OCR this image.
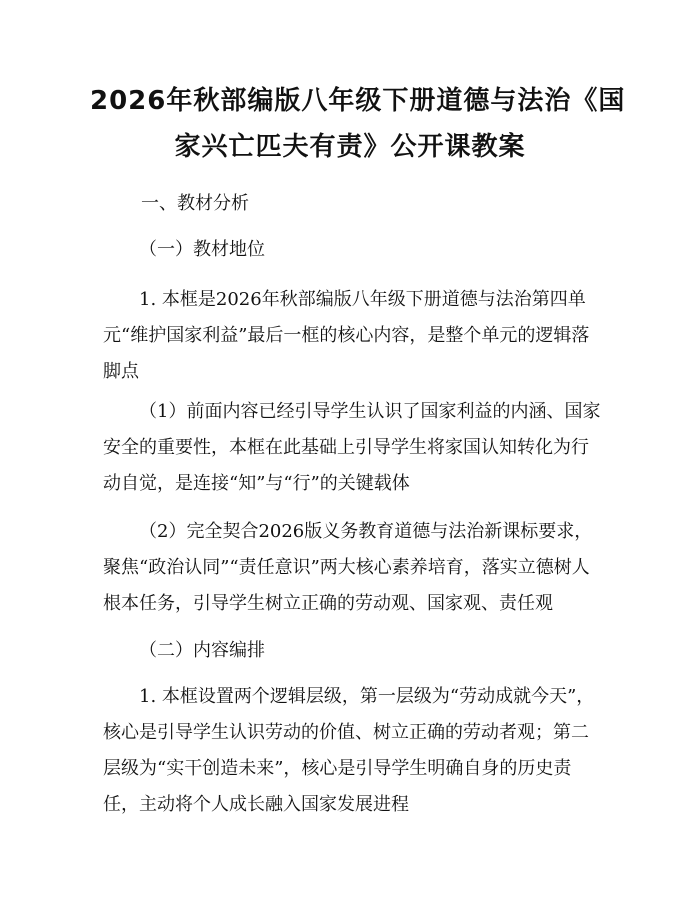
2026年秋部编版八年级下册道德与法治《国
家兴亡匹夫有责》公开课教案
一、教材分析
（一）教材地位

1. 本框是2026年秋部编版八年级下册道德与法治第四单元“维护国家利益”最后一框的核心内容，是整个单元的逻辑落脚点

（1）前面内容已经引导学生认识了国家利益的内涵、国家安全的重要性，本框在此基础上引导学生将家国认知转化为行动自觉，是连接“知”与“行”的关键载体

（2）完全契合2026版义务教育道德与法治新课标要求，聚焦“政治认同”“责任意识”两大核心素养培育，落实立德树人根本任务，引导学生树立正确的劳动观、国家观、责任观

（二）内容编排

1. 本框设置两个逻辑层级，第一层级为“劳动成就今天”，核心是引导学生认识劳动的价值、树立正确的劳动者观；第二层级为“实干创造未来”，核心是引导学生明确自身的历史责任，主动将个人成长融入国家发展进程
